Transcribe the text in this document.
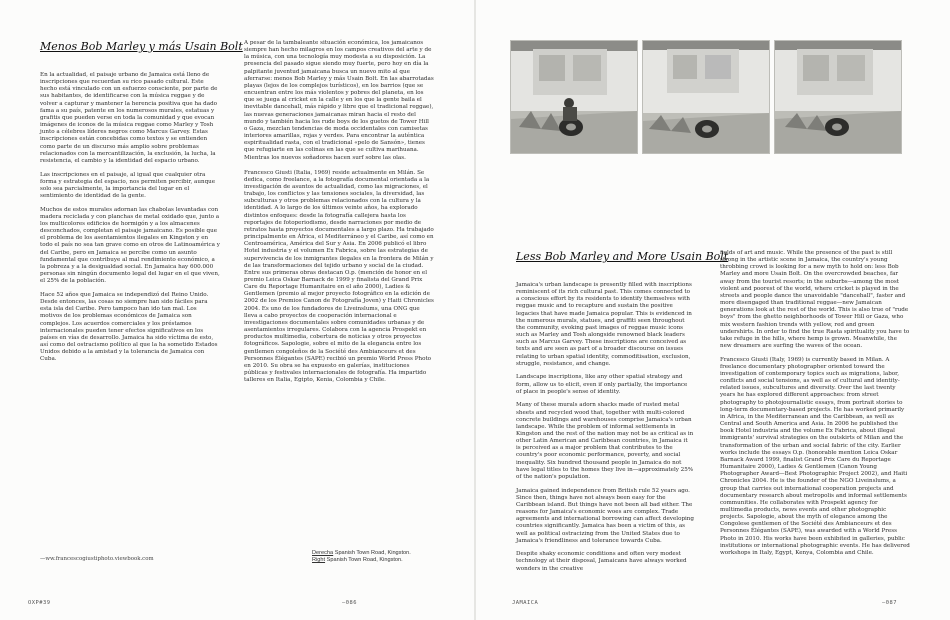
Menos Bob Marley y más Usain Bolt

En la actualidad, el paisaje urbano de Jamaica está lleno de inscripciones que recuerdan su rico pasado cultural. Este hecho está vinculado con un esfuerzo consciente, por parte de sus habitantes, de identificarse con la música reggae y de volver a capturar y mantener la herencia positiva que ha dado fama a su país, patente en los numerosos murales, estatuas y grafitis que pueden verse en toda la comunidad y que evocan imágenes de iconos de la música reggae como Marley y Tosh junto a célebres líderes negros como Marcus Garvey. Estas inscripciones están concebidas como textos y se entienden como parte de un discurso más amplio sobre problemas relacionados con la mercantilización, la exclusión, la lucha, la resistencia, el cambio y la identidad del espacio urbano.

Las inscripciones en el paisaje, al igual que cualquier otra forma y estrategia del espacio, nos permiten percibir, aunque solo sea parcialmente, la importancia del lugar en el sentimiento de identidad de la gente.

Muchos de estos murales adornan las chabolas levantadas con madera reciclada y con planchas de metal oxidado que, junto a los multicolores edificios de hormigón y a los almacenes desconchados, completan el paisaje jamaicano. Es posible que el problema de los asentamientos ilegales en Kingston y en todo el país no sea tan grave como en otros de Latinoamérica y del Caribe, pero en Jamaica se percibe como un asunto fundamental que contribuye al mal rendimiento económico, a la pobreza y a la desigualdad social. En Jamaica hay 600.000 personas sin ningún documento legal del lugar en el que viven, el 25% de la población.

Hace 52 años que Jamaica se independizó del Reino Unido. Desde entonces, las cosas no siempre han sido fáciles para esta isla del Caribe. Pero tampoco han ido tan mal. Los motivos de los problemas económicos de Jamaica son complejos. Los acuerdos comerciales y los préstamos internacionales pueden tener efectos significativos en los países en vías de desarrollo. Jamaica ha sido víctima de esto, así como del ostracismo político al que la ha sometido Estados Unidos debido a la amistad y la tolerancia de Jamaica con Cuba.

A pesar de la tambaleante situación económica, los jamaicanos siempre han hecho milagros en los campos creativos del arte y de la música, con una tecnología muy modesta a su disposición. La presencia del pasado sigue siendo muy fuerte, pero hoy en día la palpitante juventud jamaicana busca un nuevo mito al que aferrarse: menos Bob Marley y más Usain Bolt. En las abarrotadas playas (lejos de los complejos turísticos), en los barrios (que se encuentran entre los más violentos y pobres del planeta, en los que se juega al cricket en la calle y en los que la gente baila el inevitable dancehall, más rápido y libre que el tradicional reggae), las nuevas generaciones jamaicanas miran hacia el resto del mundo y también hacia los rude boys de los guetos de Tower Hill o Gaza, mezclan tendencias de moda occidentales con camisetas interiores amarillas, rojas y verdes. Para encontrar la auténtica espiritualidad rasta, con el tradicional «pelo de Sansón», tienes que refugiarte en las colinas en las que se cultiva marihuana. Mientras los nuevos soñadores hacen surf sobre las olas.

Francesco Giusti (Italia, 1969) reside actualmente en Milán. Se dedica, como freelance, a la fotografía documental orientada a la investigación de asuntos de actualidad, como las migraciones, el trabajo, los conflictos y las tensiones sociales, la diversidad, las subculturas y otros problemas relacionados con la cultura y la identidad. A lo largo de los últimos veinte años, ha explorado distintos enfoques: desde la fotografía callejera hasta los reportajes de fotoperiodismo, desde narraciones por medio de retratos hasta proyectos documentales a largo plazo. Ha trabajado principalmente en África, el Mediterráneo y el Caribe, así como en Centroamérica, América del Sur y Asia. En 2006 publicó el libro Hotel industria y el volumen Ex Fabrica, sobre las estrategias de supervivencia de los inmigrantes ilegales en la frontera de Milán y de las transformaciones del tejido urbano y social de la ciudad. Entre sus primeras obras destacan O.p. (mención de honor en el premio Leica Oskar Barnack de 1999 y finalista del Grand Prix Care du Reportage Humanitaire en el año 2000), Ladies & Gentlemen (premio al mejor proyecto fotográfico en la edición de 2002 de los Premios Canon de Fotografía Joven) y Haiti Chronicles 2004. Es uno de los fundadores de Liveinslums, una ONG que lleva a cabo proyectos de cooperación internacional e investigaciones documentales sobre comunidades urbanas y de asentamientos irregulares. Colabora con la agencia Prospekt en productos multimedia, cobertura de noticias y otros proyectos fotográficos. Sapologie, sobre el mito de la elegancia entre los gentlemen congoleños de la Société des Ambianceurs et des Personnes Élégantes (SAPE) recibió un premio World Press Photo en 2010. Su obra se ha expuesto en galerías, instituciones públicas y festivales internacionales de fotografía. Ha impartido talleres en Italia, Egipto, Kenia, Colombia y Chile.

—ww.francescogiustiphoto.viewbook.com
Derecha Spanish Town Road, Kingston.
Right Spanish Town Road, Kingston.
OXP#39	—086
Less Bob Marley and More Usain Bolt

Jamaica's urban landscape is presently filled with inscriptions reminiscent of its rich cultural past. This comes connected to a conscious effort by its residents to identify themselves with reggae music and to recapture and sustain the positive legacies that have made Jamaica popular. This is evidenced in the numerous murals, statues, and graffiti seen throughout the community, evoking past images of reggae music icons such as Marley and Tosh alongside renowned black leaders such as Marcus Garvey. These inscriptions are conceived as texts and are seen as part of a broader discourse on issues relating to urban spatial identity, commoditisation, exclusion, struggle, resistance, and change.

Landscape inscriptions, like any other spatial strategy and form, allow us to elicit, even if only partially, the importance of place in people's sense of identity.

Many of these murals adorn shacks made of rusted metal sheets and recycled wood that, together with multi-colored concrete buildings and warehouses comprise Jamaica's urban landscape. While the problem of informal settlements in Kingston and the rest of the nation may not be as critical as in other Latin American and Caribbean countries, in Jamaica it is perceived as a major problem that contributes to the country's poor economic performance, poverty, and social inequality. Six hundred thousand people in Jamaica do not have legal titles to the homes they live in—approximately 25% of the nation's population.

Jamaica gained independence from British rule 52 years ago. Since then, things have not always been easy for the Caribbean island. But things have not been all bad either. The reasons for Jamaica's economic woes are complex. Trade agreements and international borrowing can affect developing countries significantly. Jamaica has been a victim of this, as well as political ostracizing from the United States due to Jamaica's friendliness and tolerance towards Cuba.

Despite shaky economic conditions and often very modest technology at their disposal, Jamaicans have always worked wonders in the creative

fields of art and music. While the presence of the past is still strong in the artistic scene in Jamaica, the country's young throbbing crowd is looking for a new myth to hold on: less Bob Marley and more Usain Bolt. On the overcrowded beaches, far away from the tourist resorts; in the suburbs—among the most violent and poorest of the world, where cricket is played in the streets and people dance the unavoidable "dancehall", faster and more disengaged than traditional reggae—new Jamaican generations look at the rest of the world. This is also true of "rude boys" from the ghetto neighborhoods of Tower Hill or Gaza, who mix western fashion trends with yellow, red and green undershirts. In order to find the true Rasta spirituality you have to take refuge in the hills, where hemp is grown. Meanwhile, the new dreamers are surfing the waves of the ocean.

Francesco Giusti (Italy, 1969) is currently based in Milan. A freelance documentary photographer oriented toward the investigation of contemporary topics such as migrations, labor, conflicts and social tensions, as well as of cultural and identity-related issues, subcultures and diversity. Over the last twenty years he has explored different approaches: from street photography to photojournalistic essays, from portrait stories to long-term documentary-based projects. He has worked primarily in Africa, in the Mediterranean and the Caribbean, as well as Central and South America and Asia. In 2006 he published the book Hotel industria and the volume Ex Fabrica, about illegal immigrants' survival strategies on the outskirts of Milan and the transformation of the urban and social fabric of the city. Earlier works include the essays O.p. (honorable mention Leica Oskar Barnack Award 1999, finalist Grand Prix Care du Reportage Humanitaire 2000), Ladies & Gentlemen (Canon Young Photographer Award—Best Photographic Project 2002), and Haiti Chronicles 2004. He is the founder of the NGO Liveinslums, a group that carries out international cooperation projects and documentary research about metropolis and informal settlements communities. He collaborates with Prospekt agency for multimedia products, news events and other photographic projects. Sapologie, about the myth of elegance among the Congolese gentlemen of the Société des Ambianceurs et des Personnes Élégantes (SAPE), was awarded with a World Press Photo in 2010. His works have been exhibited in galleries, public institutions or international photographic events. He has delivered workshops in Italy, Egypt, Kenya, Colombia and Chile.

JAMAICA	—087
